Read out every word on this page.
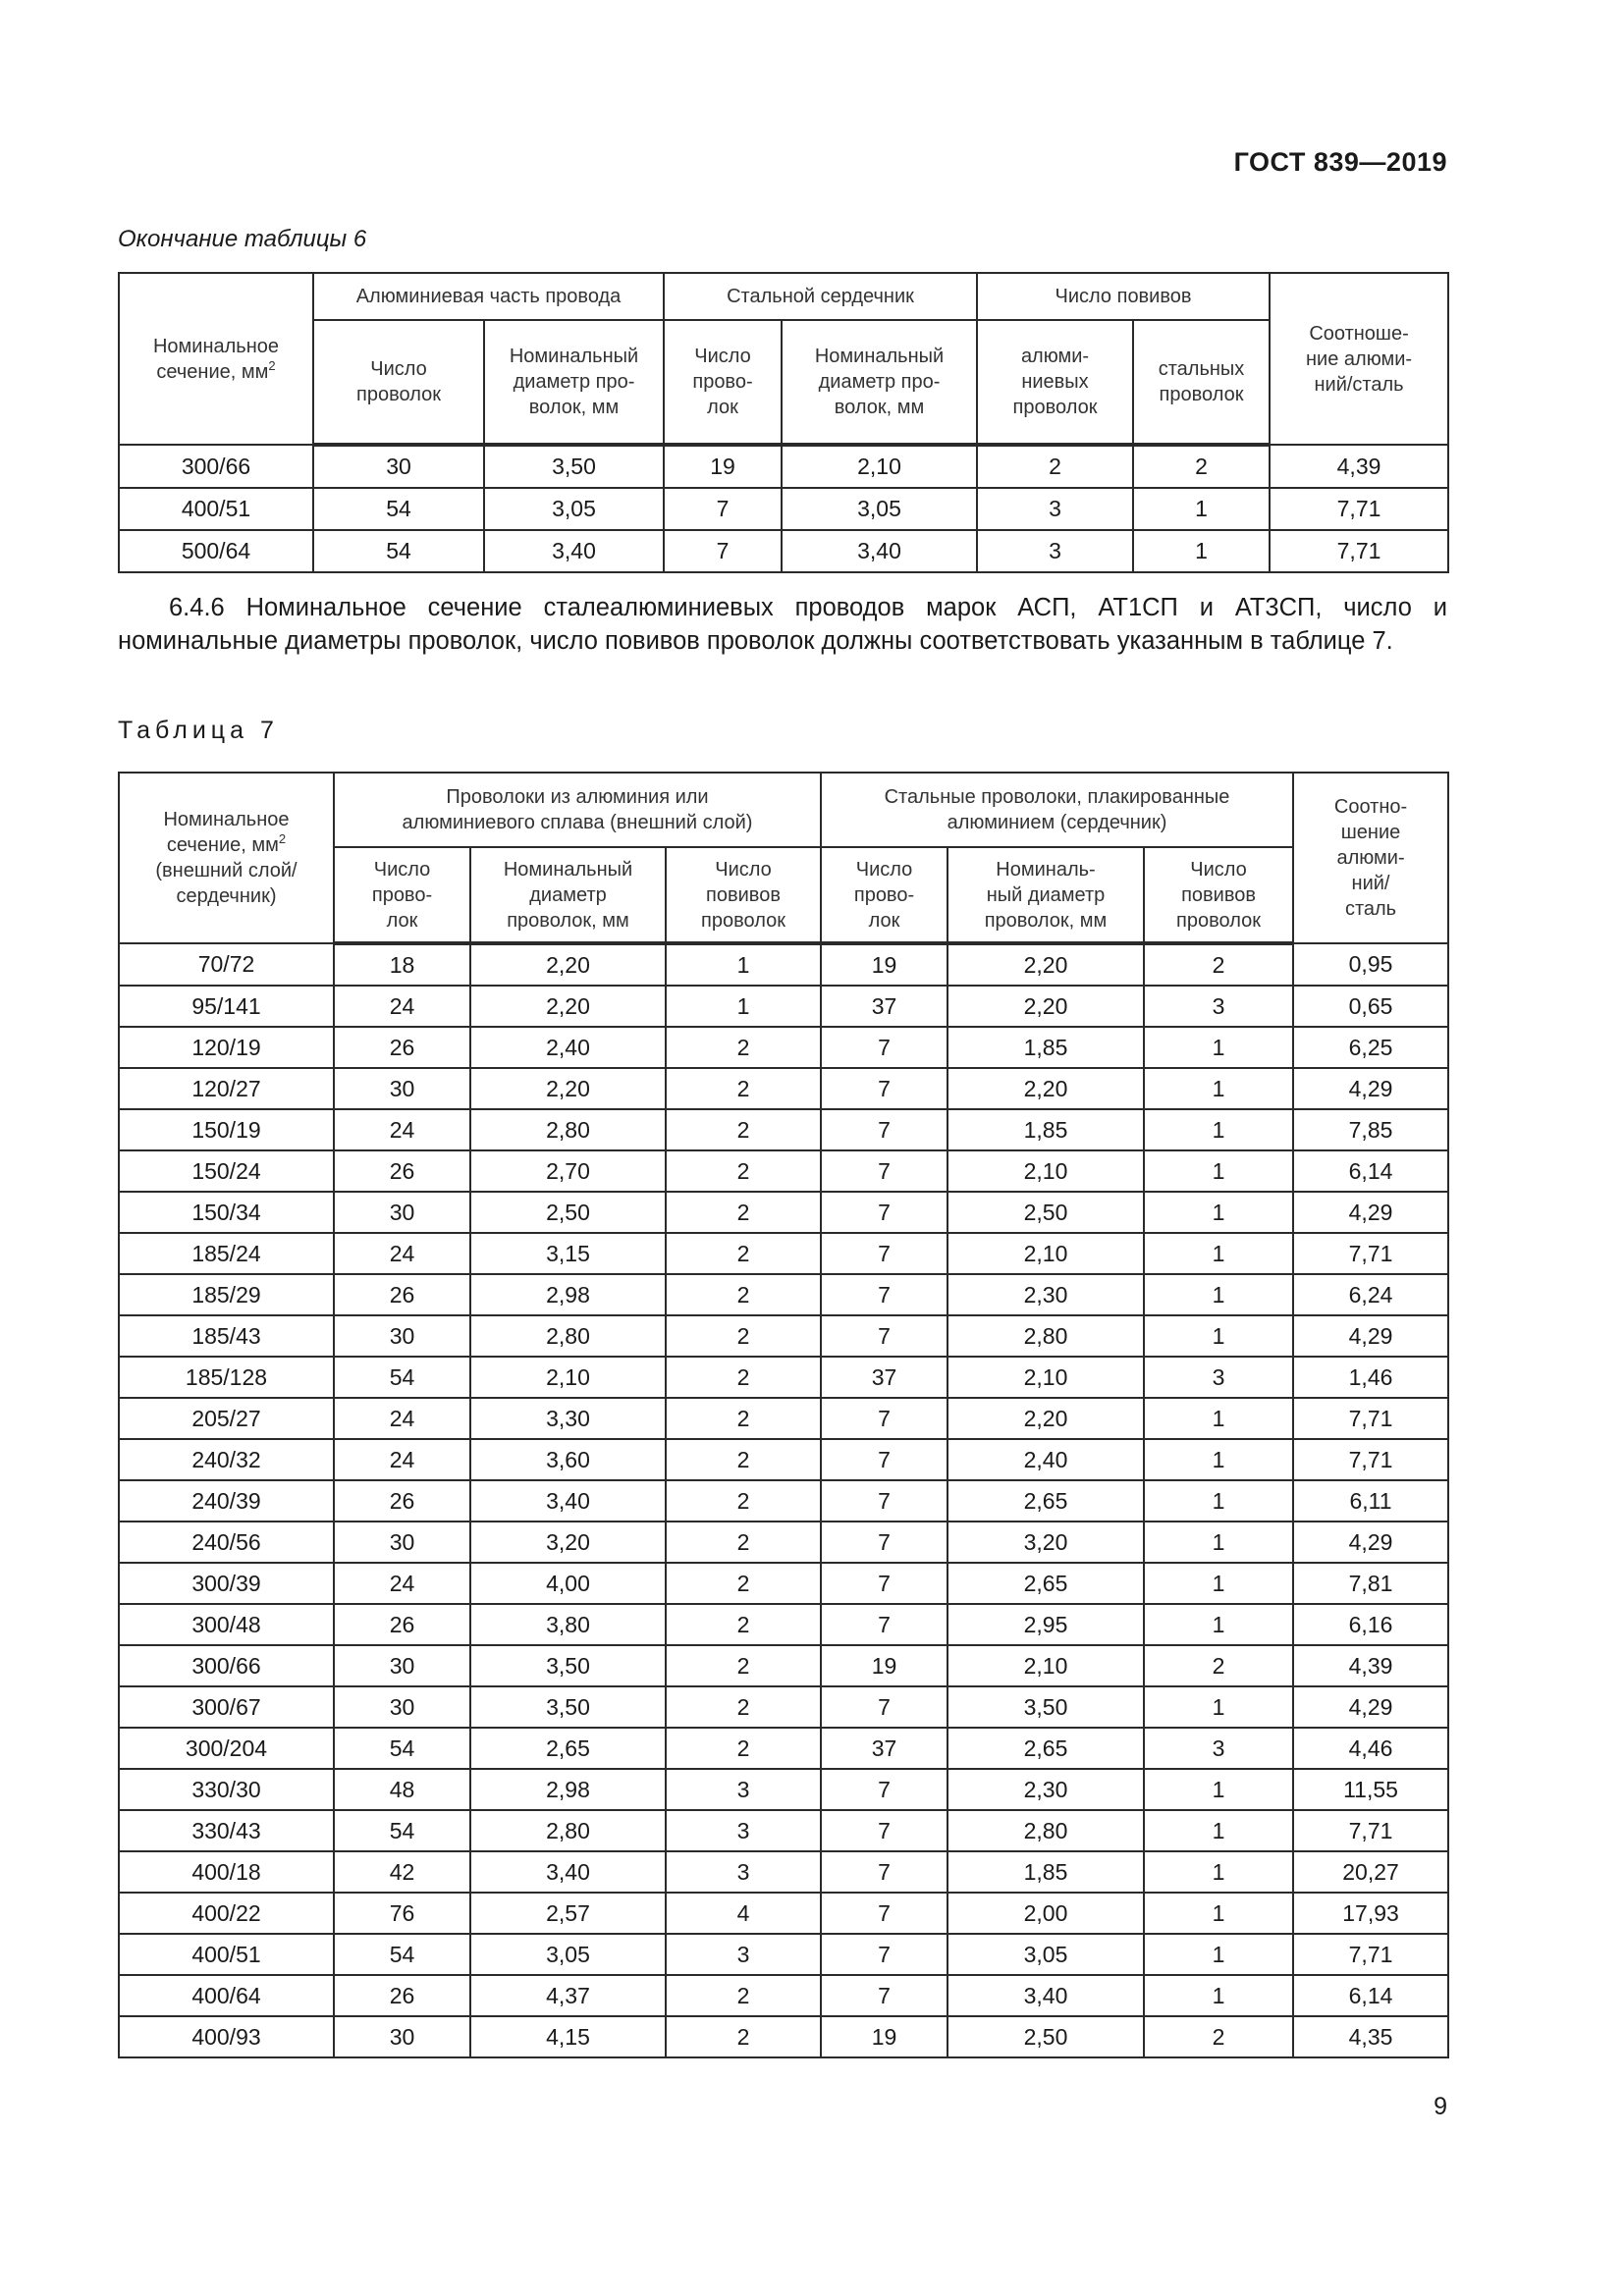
ГОСТ 839—2019
Окончание таблицы 6
Номинальное
сечение, $мм^2$	Алюминиевая часть провода		Стальной сердечник		Число повивов		Соотноше-
ние алюми-
ний/сталь
	Число
проволок	Номинальный
диаметр про-
волок, мм	Число
прово-
лок	Номинальный
диаметр про-
волок, мм	алюми-
ниевых
проволок	стальных
проволок	
300/66	30	3,50	19	2,10	2	2	4,39
400/51	54	3,05	7	3,05	3	1	7,71
500/64	54	3,40	7	3,40	3	1	7,71
6.4.6 Номинальное сечение сталеалюминиевых проводов марок АСП, АТ1СП и АТ3СП, число и номинальные диаметры проволок, число повивов проволок должны соответствовать указанным в таблице 7.
Таблица 7
Номинальное
сечение, $мм^2$
(внешний слой/
сердечник)	Проволоки из алюминия или
алюминиевого сплава (внешний слой)			Стальные проволоки, плакированные
алюминием (сердечник)			Соотно-
шение
алюми-
ний/
сталь
	Число
прово-
лок	Номинальный
диаметр
проволок, мм	Число
повивов
проволок	Число
прово-
лок	Номиналь-
ный диаметр
проволок, мм	Число
повивов
проволок	
70/72	18	2,20	1	19	2,20	2	0,95
95/141	24	2,20	1	37	2,20	3	0,65
120/19	26	2,40	2	7	1,85	1	6,25
120/27	30	2,20	2	7	2,20	1	4,29
150/19	24	2,80	2	7	1,85	1	7,85
150/24	26	2,70	2	7	2,10	1	6,14
150/34	30	2,50	2	7	2,50	1	4,29
185/24	24	3,15	2	7	2,10	1	7,71
185/29	26	2,98	2	7	2,30	1	6,24
185/43	30	2,80	2	7	2,80	1	4,29
185/128	54	2,10	2	37	2,10	3	1,46
205/27	24	3,30	2	7	2,20	1	7,71
240/32	24	3,60	2	7	2,40	1	7,71
240/39	26	3,40	2	7	2,65	1	6,11
240/56	30	3,20	2	7	3,20	1	4,29
300/39	24	4,00	2	7	2,65	1	7,81
300/48	26	3,80	2	7	2,95	1	6,16
300/66	30	3,50	2	19	2,10	2	4,39
300/67	30	3,50	2	7	3,50	1	4,29
300/204	54	2,65	2	37	2,65	3	4,46
330/30	48	2,98	3	7	2,30	1	11,55
330/43	54	2,80	3	7	2,80	1	7,71
400/18	42	3,40	3	7	1,85	1	20,27
400/22	76	2,57	4	7	2,00	1	17,93
400/51	54	3,05	3	7	3,05	1	7,71
400/64	26	4,37	2	7	3,40	1	6,14
400/93	30	4,15	2	19	2,50	2	4,35
9
